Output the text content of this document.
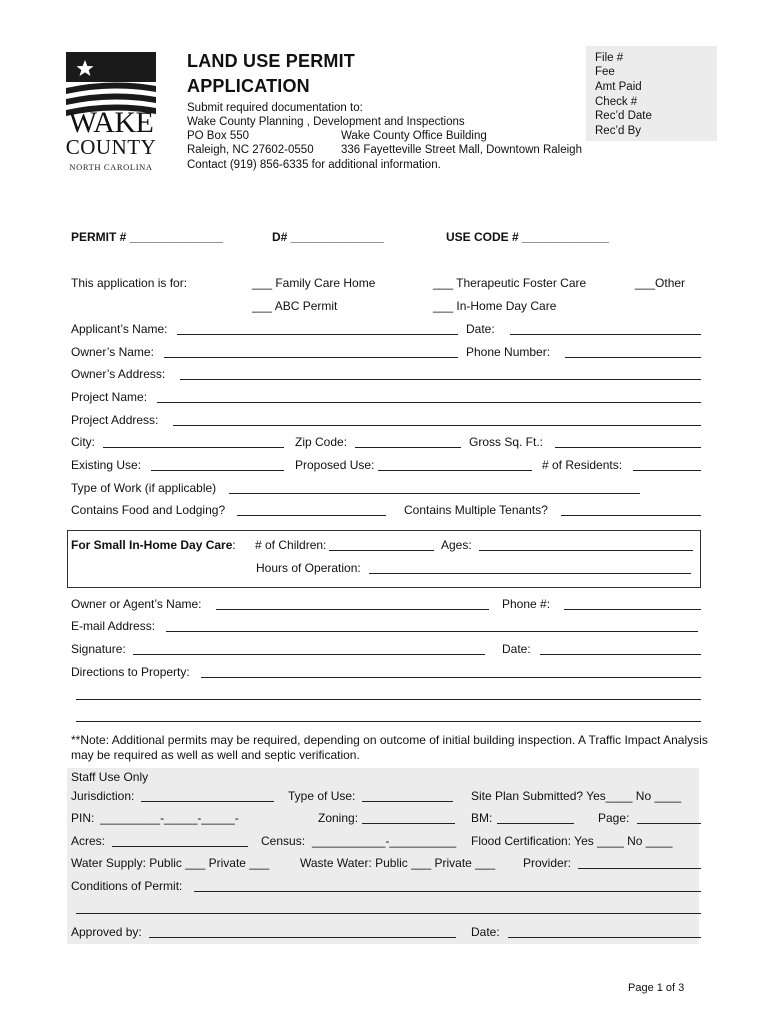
WAKE
COUNTY
NORTH CAROLINA
LAND USE PERMIT
APPLICATION
Submit required documentation to:
Wake County Planning , Development and Inspections
PO Box 550	Wake County Office Building
Raleigh, NC 27602-0550 336 Fayetteville Street Mall, Downtown Raleigh
Contact (919) 856-6335 for additional information.
File #
Fee
Amt Paid
Check #
Rec’d Date
Rec’d By
PERMIT # ______________	D# ______________	USE CODE # _____________
This application is for:	___ Family Care Home	___ Therapeutic Foster Care	___Other
___ ABC Permit	___ In-Home Day Care
Applicant’s Name:	Date:
Owner’s Name:	Phone Number:
Owner’s Address:
Project Name:
Project Address:
City:	Zip Code:	Gross Sq. Ft.:
Existing Use:	Proposed Use:	# of Residents:
Type of Work (if applicable)
Contains Food and Lodging?	Contains Multiple Tenants?
For Small In-Home Day Care: # of Children:	Ages:
Hours of Operation:
Owner or Agent’s Name:	Phone #:
E-mail Address:
Signature:	Date:
Directions to Property:
**Note: Additional permits may be required, depending on outcome of initial building inspection. A Traffic Impact Analysis may be required as well as well and septic verification.
Staff Use Only
Jurisdiction:	Type of Use:	Site Plan Submitted? Yes____ No ____
PIN: _________-_____-_____-	Zoning:	BM:	Page:
Acres:	Census: ___________-__________ Flood Certification: Yes ____ No ____
Water Supply: Public ___ Private ___	Waste Water: Public ___ Private ___ Provider:
Conditions of Permit:
Approved by:	Date:
Page 1 of 3
